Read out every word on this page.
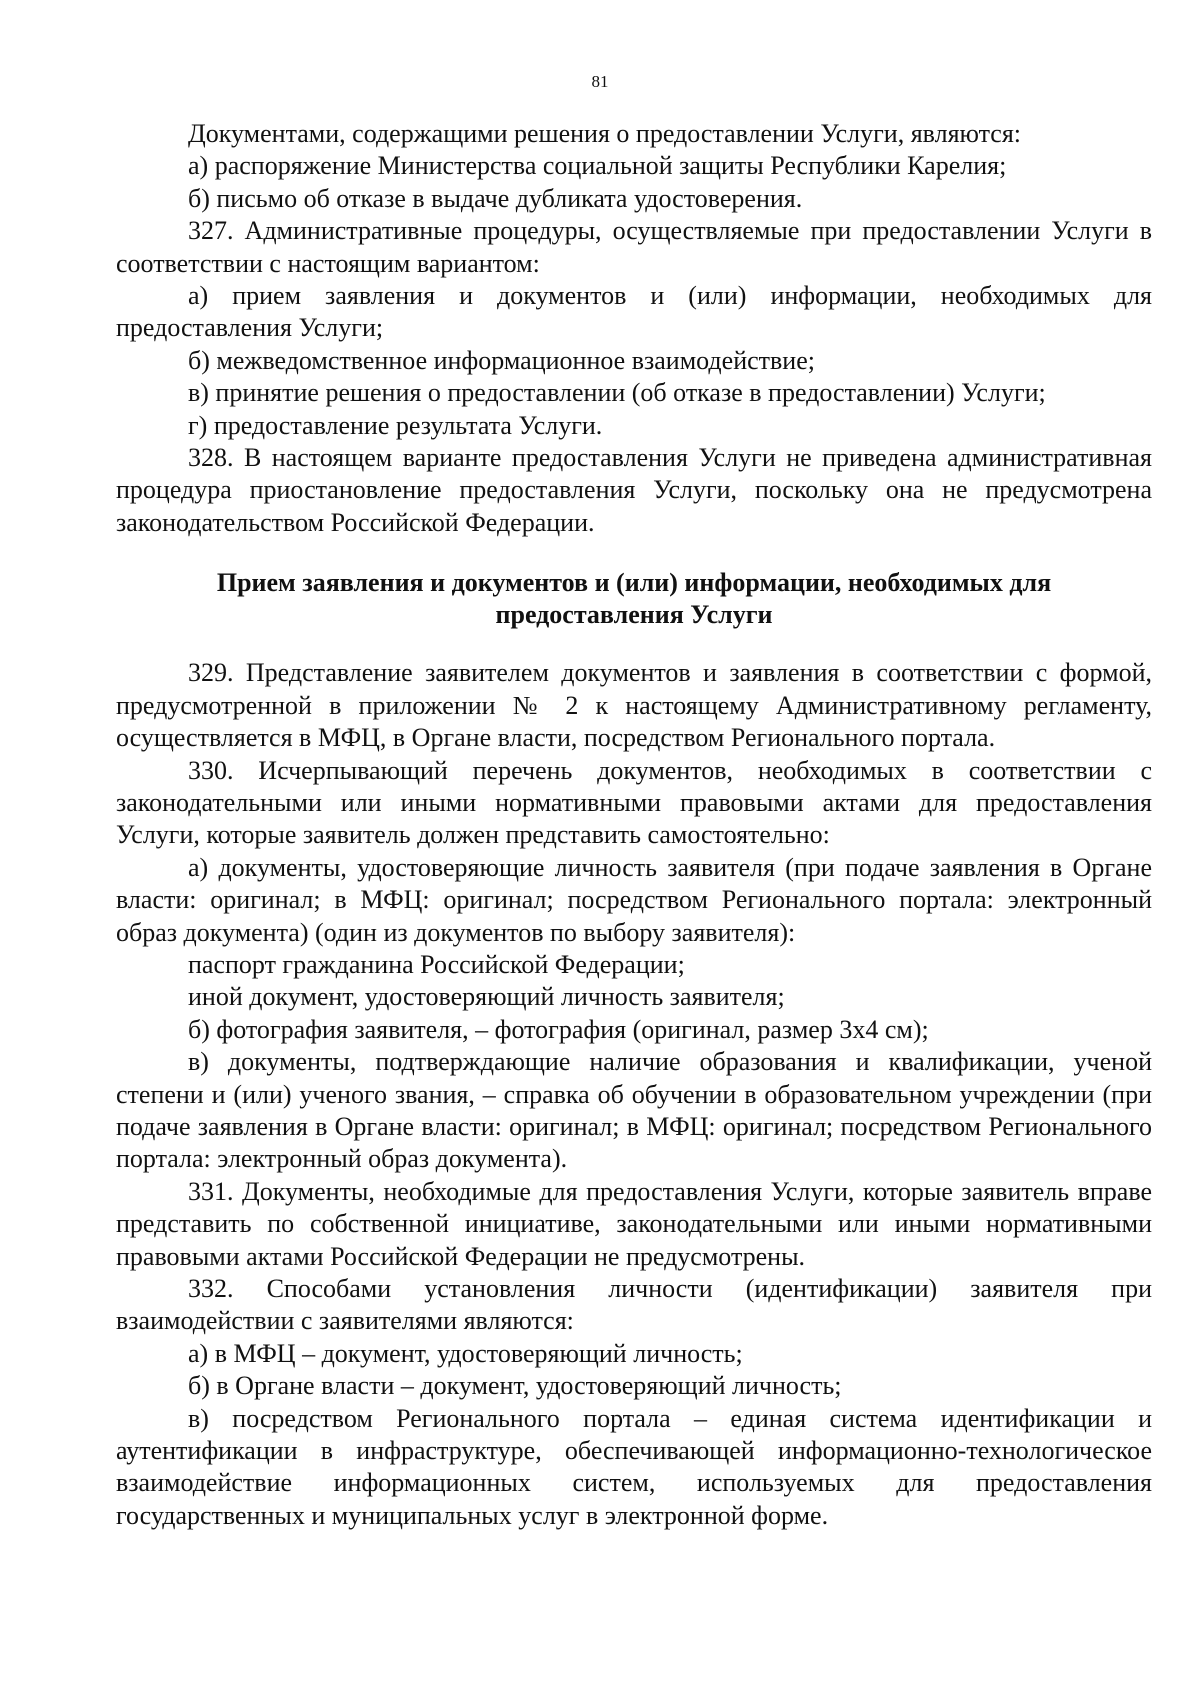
81

Документами, содержащими решения о предоставлении Услуги, являются:

а) распоряжение Министерства социальной защиты Республики Карелия;

б) письмо об отказе в выдаче дубликата удостоверения.

327. Административные процедуры, осуществляемые при предоставлении Услуги в соответствии с настоящим вариантом:

а) прием заявления и документов и (или) информации, необходимых для предоставления Услуги;

б) межведомственное информационное взаимодействие;

в) принятие решения о предоставлении (об отказе в предоставлении) Услуги;

г) предоставление результата Услуги.

328. В настоящем варианте предоставления Услуги не приведена административная процедура приостановление предоставления Услуги, поскольку она не предусмотрена законодательством Российской Федерации.

Прием заявления и документов и (или) информации, необходимых для
предоставления Услуги

329. Представление заявителем документов и заявления в соответствии с формой, предусмотренной в приложении № 2 к настоящему Административному регламенту, осуществляется в МФЦ, в Органе власти, посредством Регионального портала.

330. Исчерпывающий перечень документов, необходимых в соответствии с законодательными или иными нормативными правовыми актами для предоставления Услуги, которые заявитель должен представить самостоятельно:

а) документы, удостоверяющие личность заявителя (при подаче заявления в Органе власти: оригинал; в МФЦ: оригинал; посредством Регионального портала: электронный образ документа) (один из документов по выбору заявителя):

паспорт гражданина Российской Федерации;

иной документ, удостоверяющий личность заявителя;

б) фотография заявителя, – фотография (оригинал, размер 3х4 см);

в) документы, подтверждающие наличие образования и квалификации, ученой степени и (или) ученого звания, – справка об обучении в образовательном учреждении (при подаче заявления в Органе власти: оригинал; в МФЦ: оригинал; посредством Регионального портала: электронный образ документа).

331. Документы, необходимые для предоставления Услуги, которые заявитель вправе представить по собственной инициативе, законодательными или иными нормативными правовыми актами Российской Федерации не предусмотрены.

332. Способами установления личности (идентификации) заявителя при взаимодействии с заявителями являются:

а) в МФЦ – документ, удостоверяющий личность;

б) в Органе власти – документ, удостоверяющий личность;

в) посредством Регионального портала – единая система идентификации и аутентификации в инфраструктуре, обеспечивающей информационно-технологическое взаимодействие информационных систем, используемых для предоставления государственных и муниципальных услуг в электронной форме.
